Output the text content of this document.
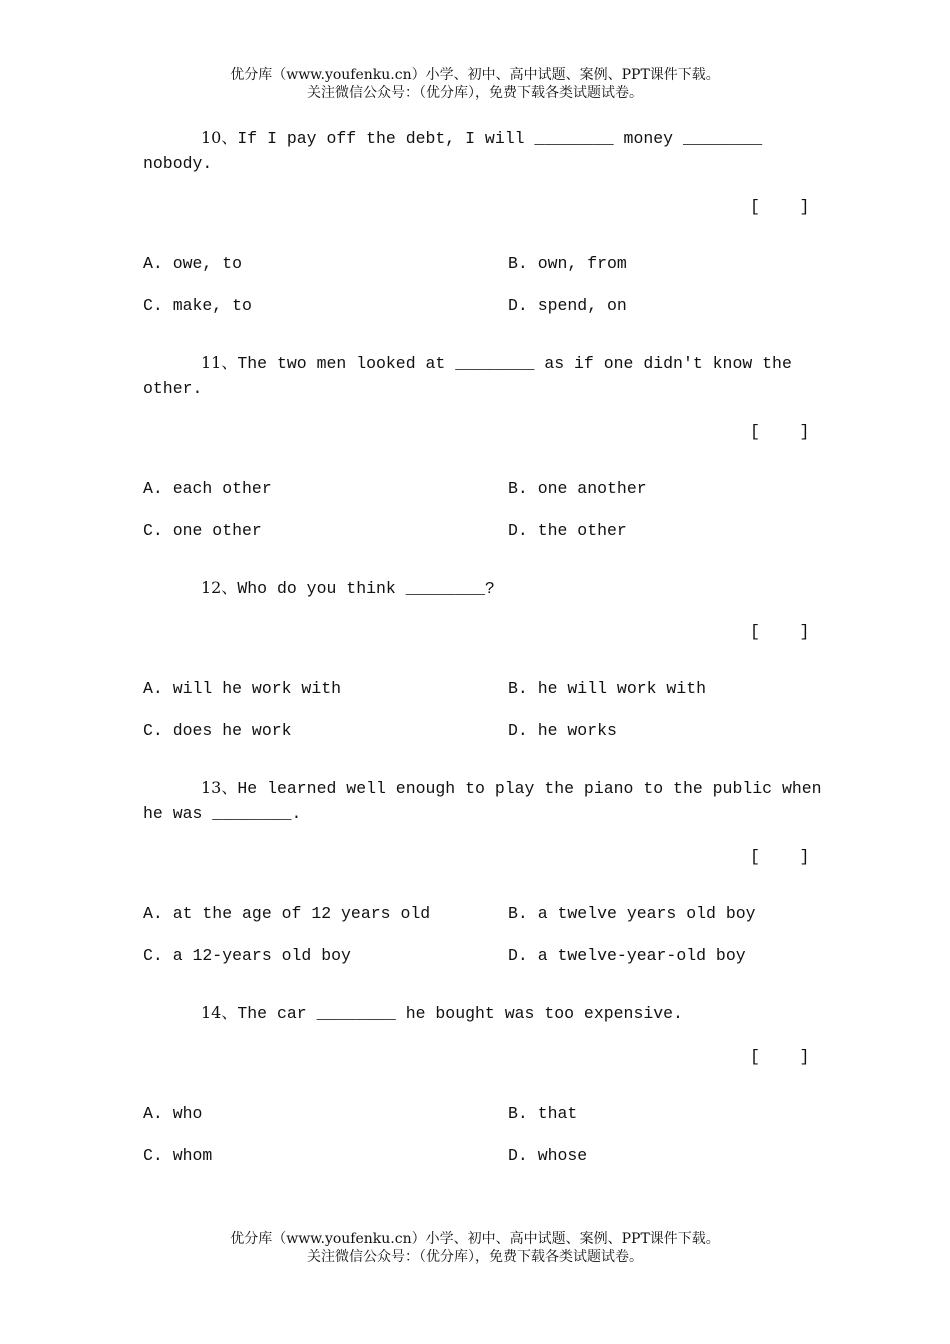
优分库（www.youfenku.cn）小学、初中、高中试题、案例、PPT课件下载。
关注微信公众号：（优分库），免费下载各类试题试卷。
10、If I pay off the debt, I will ________ money ________
nobody.
[    ]
A. owe, to	B. own, from
C. make, to	D. spend, on
11、The two men looked at ________ as if one didn't know the
other.
[    ]
A. each other	B. one another
C. one other	D. the other
12、Who do you think ________?
[    ]
A. will he work with	B. he will work with
C. does he work	D. he works
13、He learned well enough to play the piano to the public when
he was ________.
[    ]
A. at the age of 12 years old	B. a twelve years old boy
C. a 12-years old boy	D. a twelve-year-old boy
14、The car ________ he bought was too expensive.
[    ]
A. who	B. that
C. whom	D. whose
优分库（www.youfenku.cn）小学、初中、高中试题、案例、PPT课件下载。
关注微信公众号：（优分库），免费下载各类试题试卷。
